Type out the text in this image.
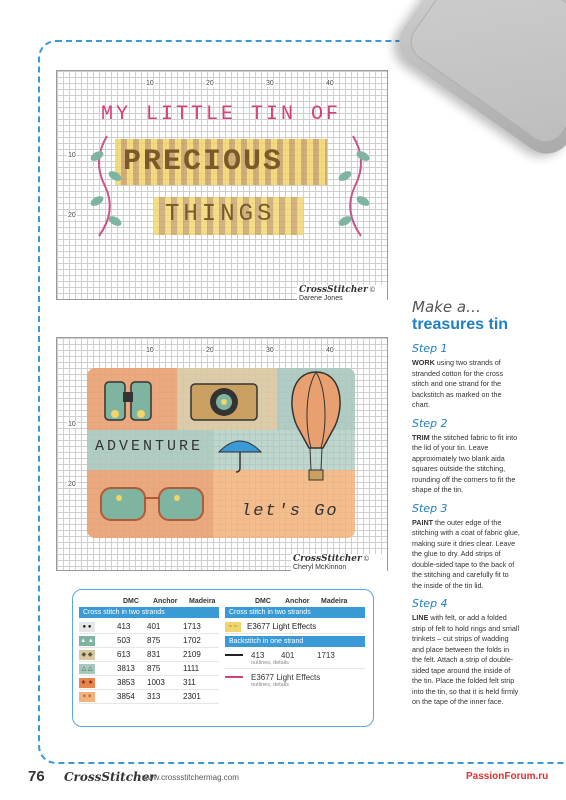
10	20	30	40
10
20
MY LITTLE TIN OF
PRECIOUS
THINGS
CrossStitcher © Darene Jones
10	20	30	40
10
20
ADVENTURE
let's Go
CrossStitcher © Cheryl McKinnon
Make a…
treasures tin
Step 1

WORK using two strands of stranded cotton for the cross stitch and one strand for the backstitch as marked on the chart.

Step 2

TRIM the stitched fabric to fit into the lid of your tin. Leave approximately two blank aida squares outside the stitching, rounding off the corners to fit the shape of the tin.

Step 3

PAINT the outer edge of the stitching with a coat of fabric glue, making sure it dries clear. Leave the glue to dry. Add strips of double-sided tape to the back of the stitching and carefully fit to the inside of the tin lid.

Step 4

LINE with felt, or add a folded strip of felt to hold rings and small trinkets – cut strips of wadding and place between the folds in the felt. Attach a strip of double-sided tape around the inside of the tin. Place the folded felt strip into the tin, so that it is held firmly on the tape of the inner face.

DMC	Anchor	Madeira
Cross stitch in two strands
● ●	413	401	1713
▲ ▲	503	875	1702
◆ ◆	613	831	2109
△ △	3813	875	1111
★ ★	3853	1003	311
× ×	3854	313	2301
DMC	Anchor	Madeira
Cross stitch in two strands
~ ~	E3677 Light Effects
Backstitch in one strand
413	401	1713
outlines, details
E3677 Light Effects
outlines, details
76 CrossStitcher
www.crossstitchermag.com	PassionForum.ru
